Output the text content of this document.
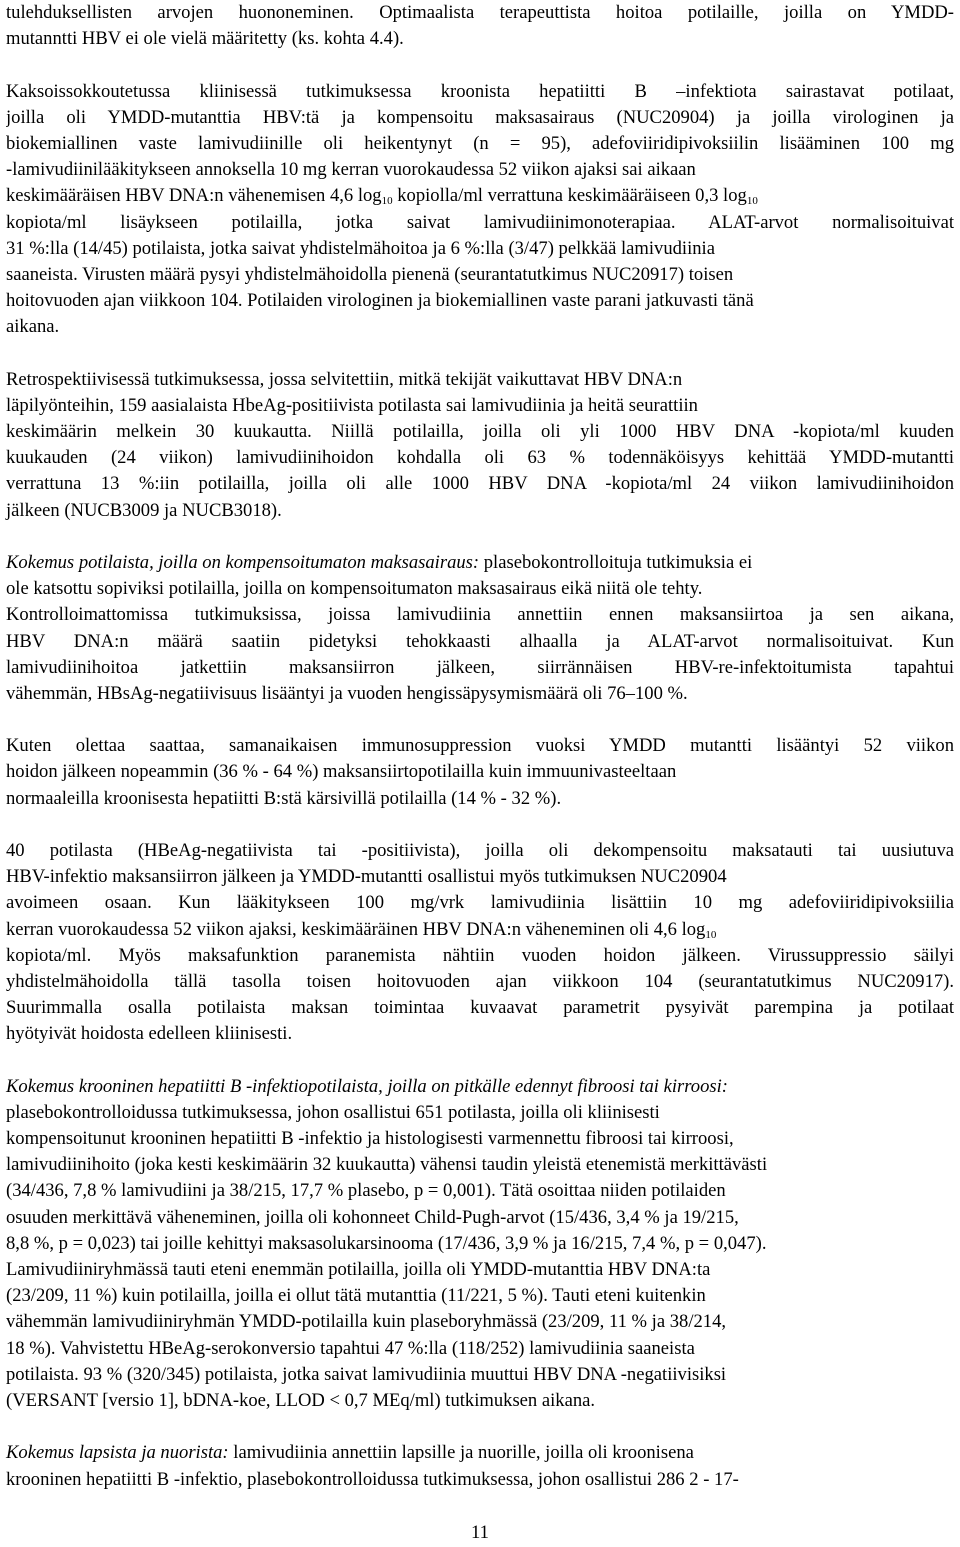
tulehduksellisten arvojen huononeminen. Optimaalista terapeuttista hoitoa potilaille, joilla on YMDD-
mutanntti HBV ei ole vielä määritetty (ks. kohta 4.4).
Kaksoissokkoutetussa kliinisessä tutkimuksessa kroonista hepatiitti B –infektiota sairastavat potilaat,
joilla oli YMDD-mutanttia HBV:tä ja kompensoitu maksasairaus (NUC20904) ja joilla virologinen ja
biokemiallinen vaste lamivudiinille oli heikentynyt (n = 95), adefoviiridipivoksiilin lisääminen 100 mg
-lamivudiinilääkitykseen annoksella 10 mg kerran vuorokaudessa 52 viikon ajaksi sai aikaan
keskimääräisen HBV DNA:n vähenemisen 4,6 $\log_{10}$ kopiolla/ml verrattuna keskimääräiseen 0,3 $\log_{10}$
kopiota/ml lisäykseen potilailla, jotka saivat lamivudiinimonoterapiaa. ALAT-arvot normalisoituivat
31 %:lla (14/45) potilaista, jotka saivat yhdistelmähoitoa ja 6 %:lla (3/47) pelkkää lamivudiinia
saaneista. Virusten määrä pysyi yhdistelmähoidolla pienenä (seurantatutkimus NUC20917) toisen
hoitovuoden ajan viikkoon 104. Potilaiden virologinen ja biokemiallinen vaste parani jatkuvasti tänä
aikana.
Retrospektiivisessä tutkimuksessa, jossa selvitettiin, mitkä tekijät vaikuttavat HBV DNA:n
läpilyönteihin, 159 aasialaista HbeAg-positiivista potilasta sai lamivudiinia ja heitä seurattiin
keskimäärin melkein 30 kuukautta. Niillä potilailla, joilla oli yli 1000 HBV DNA -kopiota/ml kuuden
kuukauden (24 viikon) lamivudiinihoidon kohdalla oli 63 % todennäköisyys kehittää YMDD-mutantti
verrattuna 13 %:iin potilailla, joilla oli alle 1000 HBV DNA -kopiota/ml 24 viikon lamivudiinihoidon
jälkeen (NUCB3009 ja NUCB3018).
Kokemus potilaista, joilla on kompensoitumaton maksasairaus: plasebokontrolloituja tutkimuksia ei
ole katsottu sopiviksi potilailla, joilla on kompensoitumaton maksasairaus eikä niitä ole tehty.
Kontrolloimattomissa tutkimuksissa, joissa lamivudiinia annettiin ennen maksansiirtoa ja sen aikana,
HBV DNA:n määrä saatiin pidetyksi tehokkaasti alhaalla ja ALAT-arvot normalisoituivat. Kun
lamivudiinihoitoa jatkettiin maksansiirron jälkeen, siirrännäisen HBV-re-infektoitumista tapahtui
vähemmän, HBsAg-negatiivisuus lisääntyi ja vuoden hengissäpysymismäärä oli 76–100 %.
Kuten olettaa saattaa, samanaikaisen immunosuppression vuoksi YMDD mutantti lisääntyi 52 viikon
hoidon jälkeen nopeammin (36 % - 64 %) maksansiirtopotilailla kuin immuunivasteeltaan
normaaleilla kroonisesta hepatiitti B:stä kärsivillä potilailla (14 % - 32 %).
40 potilasta (HBeAg-negatiivista tai -positiivista), joilla oli dekompensoitu maksatauti tai uusiutuva
HBV-infektio maksansiirron jälkeen ja YMDD-mutantti osallistui myös tutkimuksen NUC20904
avoimeen osaan. Kun lääkitykseen 100 mg/vrk lamivudiinia lisättiin 10 mg adefoviiridipivoksiilia
kerran vuorokaudessa 52 viikon ajaksi, keskimääräinen HBV DNA:n väheneminen oli 4,6 $\log_{10}$
kopiota/ml. Myös maksafunktion paranemista nähtiin vuoden hoidon jälkeen. Virussuppressio säilyi
yhdistelmähoidolla tällä tasolla toisen hoitovuoden ajan viikkoon 104 (seurantatutkimus NUC20917).
Suurimmalla osalla potilaista maksan toimintaa kuvaavat parametrit pysyivät parempina ja potilaat
hyötyivät hoidosta edelleen kliinisesti.
Kokemus krooninen hepatiitti B -infektiopotilaista, joilla on pitkälle edennyt fibroosi tai kirroosi:
plasebokontrolloidussa tutkimuksessa, johon osallistui 651 potilasta, joilla oli kliinisesti
kompensoitunut krooninen hepatiitti B -infektio ja histologisesti varmennettu fibroosi tai kirroosi,
lamivudiinihoito (joka kesti keskimäärin 32 kuukautta) vähensi taudin yleistä etenemistä merkittävästi
(34/436, 7,8 % lamivudiini ja 38/215, 17,7 % plasebo, p = 0,001). Tätä osoittaa niiden potilaiden
osuuden merkittävä väheneminen, joilla oli kohonneet Child-Pugh-arvot (15/436, 3,4 % ja 19/215,
8,8 %, p = 0,023) tai joille kehittyi maksasolukarsinooma (17/436, 3,9 % ja 16/215, 7,4 %, p = 0,047).
Lamivudiiniryhmässä tauti eteni enemmän potilailla, joilla oli YMDD-mutanttia HBV DNA:ta
(23/209, 11 %) kuin potilailla, joilla ei ollut tätä mutanttia (11/221, 5 %). Tauti eteni kuitenkin
vähemmän lamivudiiniryhmän YMDD-potilailla kuin plaseboryhmässä (23/209, 11 % ja 38/214,
18 %). Vahvistettu HBeAg-serokonversio tapahtui 47 %:lla (118/252) lamivudiinia saaneista
potilaista. 93 % (320/345) potilaista, jotka saivat lamivudiinia muuttui HBV DNA -negatiivisiksi
(VERSANT [versio 1], bDNA-koe, LLOD < 0,7 MEq/ml) tutkimuksen aikana.
Kokemus lapsista ja nuorista: lamivudiinia annettiin lapsille ja nuorille, joilla oli kroonisena
krooninen hepatiitti B -infektio, plasebokontrolloidussa tutkimuksessa, johon osallistui 286 2 - 17-
11
